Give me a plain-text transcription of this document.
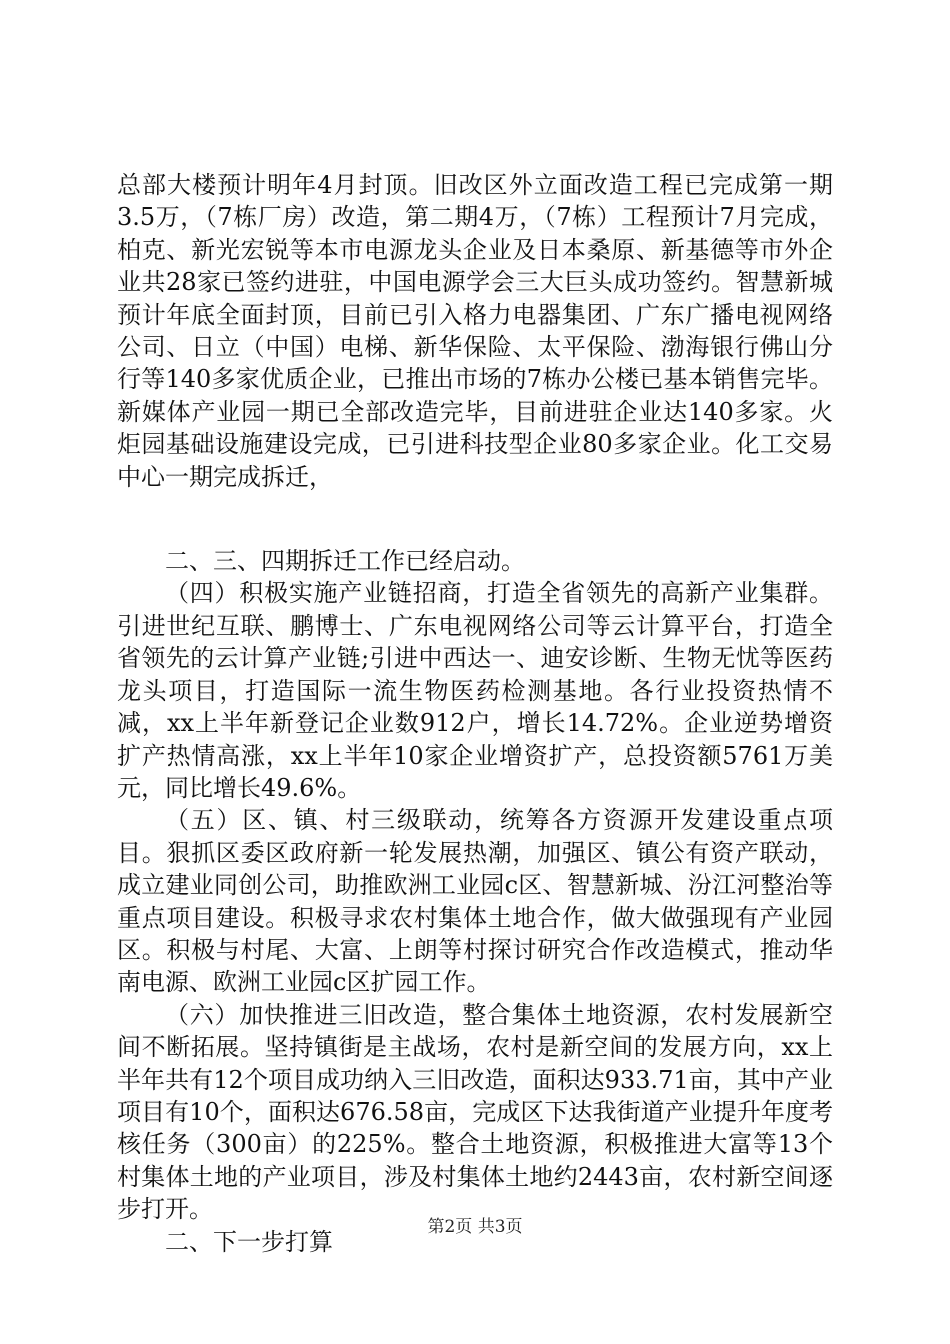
总部大楼预计明年4月封顶。旧改区外立面改造工程已完成第一期3.5万，（7栋厂房）改造，第二期4万，（7栋）工程预计7月完成，柏克、新光宏锐等本市电源龙头企业及日本桑原、新基德等市外企业共28家已签约进驻，中国电源学会三大巨头成功签约。智慧新城预计年底全面封顶，目前已引入格力电器集团、广东广播电视网络公司、日立（中国）电梯、新华保险、太平保险、渤海银行佛山分行等140多家优质企业，已推出市场的7栋办公楼已基本销售完毕。新媒体产业园一期已全部改造完毕，目前进驻企业达140多家。火炬园基础设施建设完成，已引进科技型企业80多家企业。化工交易中心一期完成拆迁，

二、三、四期拆迁工作已经启动。

（四）积极实施产业链招商，打造全省领先的高新产业集群。引进世纪互联、鹏博士、广东电视网络公司等云计算平台，打造全省领先的云计算产业链;引进中西达一、迪安诊断、生物无忧等医药龙头项目，打造国际一流生物医药检测基地。各行业投资热情不减，xx上半年新登记企业数912户，增长14.72%。企业逆势增资扩产热情高涨，xx上半年10家企业增资扩产，总投资额5761万美元，同比增长49.6%。

（五）区、镇、村三级联动，统筹各方资源开发建设重点项目。狠抓区委区政府新一轮发展热潮，加强区、镇公有资产联动，成立建业同创公司，助推欧洲工业园c区、智慧新城、汾江河整治等重点项目建设。积极寻求农村集体土地合作，做大做强现有产业园区。积极与村尾、大富、上朗等村探讨研究合作改造模式，推动华南电源、欧洲工业园c区扩园工作。

（六）加快推进三旧改造，整合集体土地资源，农村发展新空间不断拓展。坚持镇街是主战场，农村是新空间的发展方向，xx上半年共有12个项目成功纳入三旧改造，面积达933.71亩，其中产业项目有10个，面积达676.58亩，完成区下达我街道产业提升年度考核任务（300亩）的225%。整合土地资源，积极推进大富等13个村集体土地的产业项目，涉及村集体土地约2443亩，农村新空间逐步打开。

二、下一步打算

第2页 共3页
